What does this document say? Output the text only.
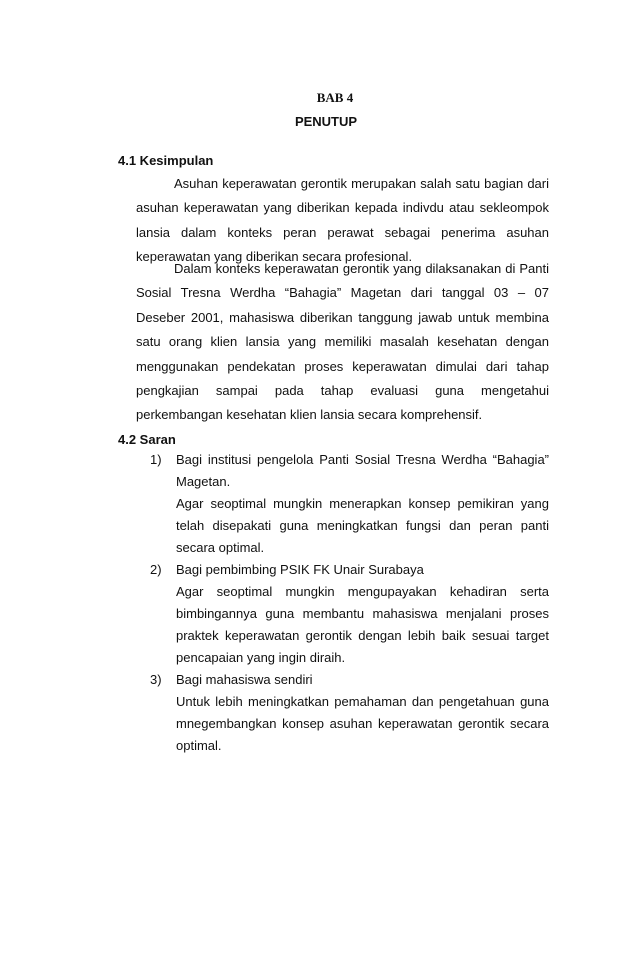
BAB 4
PENUTUP
4.1 Kesimpulan

Asuhan keperawatan gerontik merupakan salah satu bagian dari asuhan keperawatan yang diberikan kepada indivdu atau sekleompok lansia dalam konteks peran perawat sebagai penerima asuhan keperawatan yang diberikan secara profesional.

Dalam konteks keperawatan gerontik yang dilaksanakan di Panti Sosial Tresna Werdha “Bahagia” Magetan dari tanggal 03 – 07 Deseber 2001, mahasiswa diberikan tanggung jawab untuk membina satu orang klien lansia yang memiliki masalah kesehatan dengan menggunakan pendekatan proses keperawatan dimulai dari tahap pengkajian sampai pada tahap evaluasi guna mengetahui perkembangan kesehatan klien lansia secara komprehensif.

4.2 Saran
1) Bagi institusi pengelola Panti Sosial Tresna Werdha “Bahagia” Magetan.

Agar seoptimal mungkin menerapkan konsep pemikiran yang telah disepakati guna meningkatkan fungsi dan peran panti secara optimal.

2) Bagi pembimbing PSIK FK Unair Surabaya

Agar seoptimal mungkin mengupayakan kehadiran serta bimbingannya guna membantu mahasiswa menjalani proses praktek keperawatan gerontik dengan lebih baik sesuai target pencapaian yang ingin diraih.

3) Bagi mahasiswa sendiri

Untuk lebih meningkatkan pemahaman dan pengetahuan guna mnegembangkan konsep asuhan keperawatan gerontik secara optimal.
